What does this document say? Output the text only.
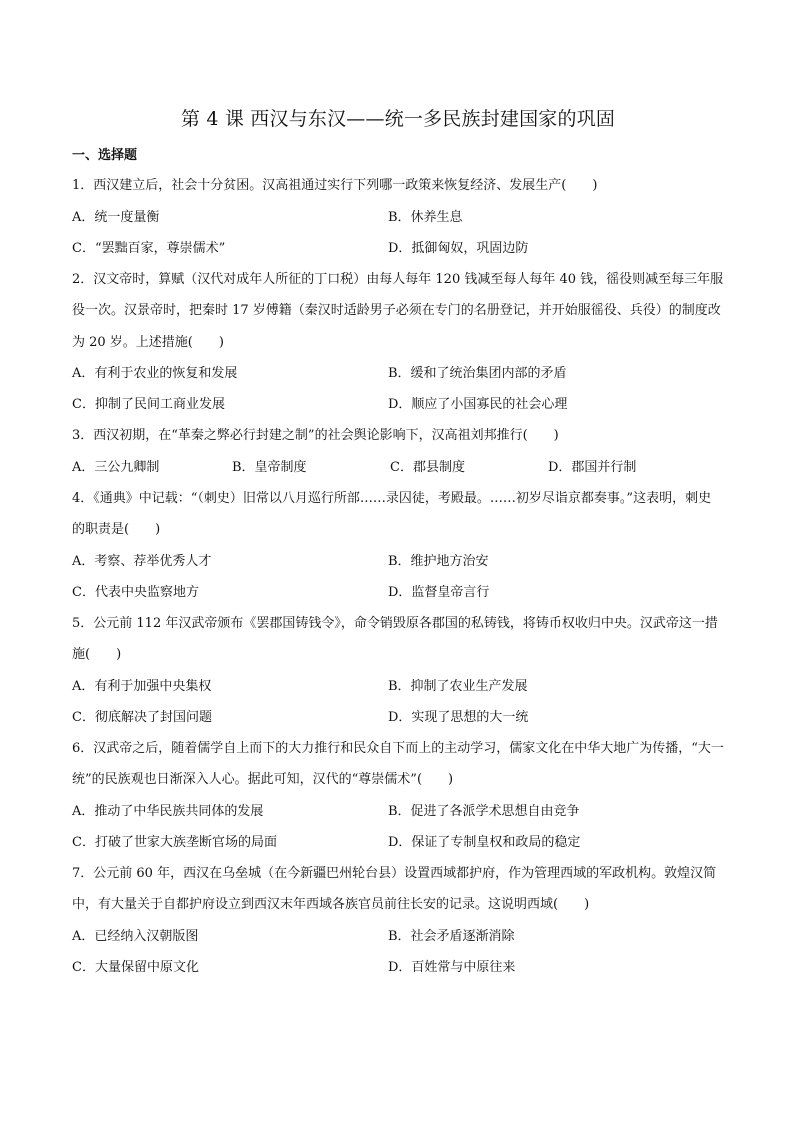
第 4 课 西汉与东汉——统一多民族封建国家的巩固
一、选择题

1．西汉建立后，社会十分贫困。汉高祖通过实行下列哪一政策来恢复经济、发展生产(　　)

A．统一度量衡	B．休养生息
C．“罢黜百家，尊崇儒术”	D．抵御匈奴，巩固边防

2．汉文帝时，算赋（汉代对成年人所征的丁口税）由每人每年 120 钱减至每人每年 40 钱，徭役则减至每三年服役一次。汉景帝时，把秦时 17 岁傅籍（秦汉时适龄男子必须在专门的名册登记，并开始服徭役、兵役）的制度改为 20 岁。上述措施(　　)

A．有利于农业的恢复和发展	B．缓和了统治集团内部的矛盾
C．抑制了民间工商业发展	D．顺应了小国寡民的社会心理

3．西汉初期，在“革秦之弊必行封建之制”的社会舆论影响下，汉高祖刘邦推行(　　)

A．三公九卿制	B．皇帝制度	C．郡县制度	D．郡国并行制

4．《通典》中记载：“（刺史）旧常以八月巡行所部……录囚徒，考殿最。……初岁尽诣京都奏事。”这表明，刺史的职责是(　　)

A．考察、荐举优秀人才	B．维护地方治安
C．代表中央监察地方	D．监督皇帝言行

5．公元前 112 年汉武帝颁布《罢郡国铸钱令》，命令销毁原各郡国的私铸钱，将铸币权收归中央。汉武帝这一措施(　　)

A．有利于加强中央集权	B．抑制了农业生产发展
C．彻底解决了封国问题	D．实现了思想的大一统

6．汉武帝之后，随着儒学自上而下的大力推行和民众自下而上的主动学习，儒家文化在中华大地广为传播，“大一统”的民族观也日渐深入人心。据此可知，汉代的“尊崇儒术”(　　)

A．推动了中华民族共同体的发展	B．促进了各派学术思想自由竞争
C．打破了世家大族垄断官场的局面	D．保证了专制皇权和政局的稳定

7．公元前 60 年，西汉在乌垒城（在今新疆巴州轮台县）设置西域都护府，作为管理西域的军政机构。敦煌汉简中，有大量关于自都护府设立到西汉末年西域各族官员前往长安的记录。这说明西域(　　)

A．已经纳入汉朝版图	B．社会矛盾逐渐消除
C．大量保留中原文化	D．百姓常与中原往来
